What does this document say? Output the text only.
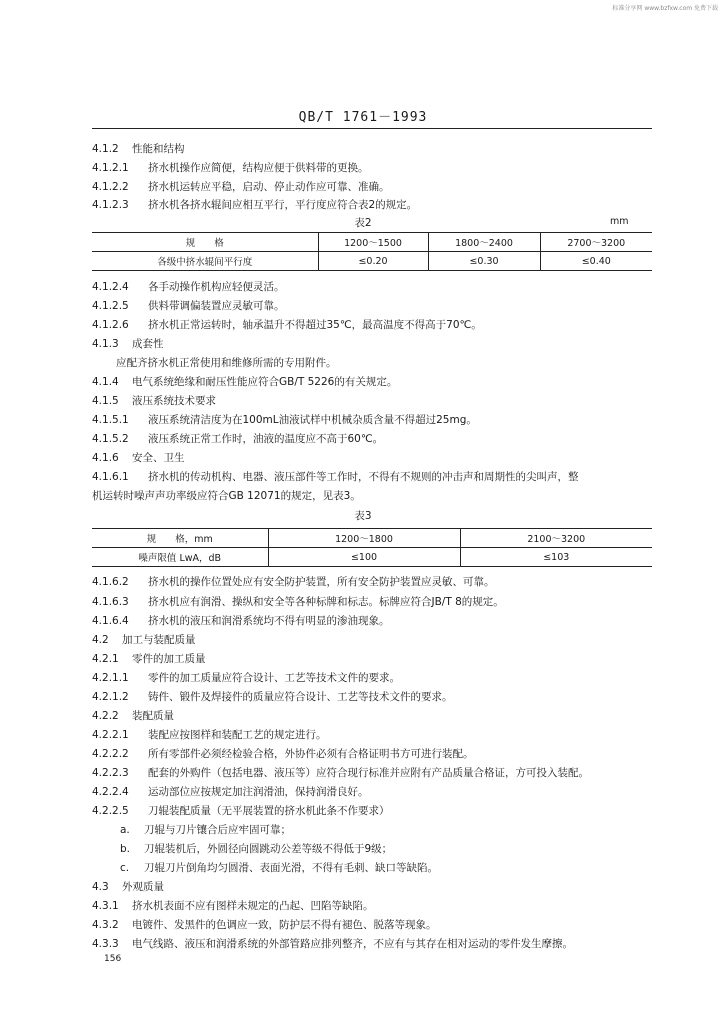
标准分享网 www.bzfxw.com 免费下载
QB/T 1761－1993
4.1.2 性能和结构
4.1.2.1 挤水机操作应简便，结构应便于供料带的更换。
4.1.2.2 挤水机运转应平稳，启动、停止动作应可靠、准确。
4.1.2.3 挤水机各挤水辊间应相互平行，平行度应符合表2的规定。
表2	mm
规　　格	1200～1500	1800～2400	2700～3200
各级中挤水辊间平行度	≤0.20	≤0.30	≤0.40
4.1.2.4 各手动操作机构应轻便灵活。
4.1.2.5 供料带调偏装置应灵敏可靠。
4.1.2.6 挤水机正常运转时，轴承温升不得超过35℃，最高温度不得高于70℃。
4.1.3 成套性
应配齐挤水机正常使用和维修所需的专用附件。
4.1.4 电气系统绝缘和耐压性能应符合GB/T 5226的有关规定。
4.1.5 液压系统技术要求
4.1.5.1 液压系统清洁度为在100mL油液试样中机械杂质含量不得超过25mg。
4.1.5.2 液压系统正常工作时，油液的温度应不高于60℃。
4.1.6 安全、卫生
4.1.6.1 挤水机的传动机构、电器、液压部件等工作时，不得有不规则的冲击声和周期性的尖叫声，整
机运转时噪声声功率级应符合GB 12071的规定，见表3。
表3
规　　格，mm	1200～1800	2100～3200
噪声限值 LwA，dB	≤100	≤103
4.1.6.2 挤水机的操作位置处应有安全防护装置，所有安全防护装置应灵敏、可靠。
4.1.6.3 挤水机应有润滑、操纵和安全等各种标牌和标志。标牌应符合JB/T 8的规定。
4.1.6.4 挤水机的液压和润滑系统均不得有明显的渗油现象。
4.2 加工与装配质量
4.2.1 零件的加工质量
4.2.1.1 零件的加工质量应符合设计、工艺等技术文件的要求。
4.2.1.2 铸件、锻件及焊接件的质量应符合设计、工艺等技术文件的要求。
4.2.2 装配质量
4.2.2.1 装配应按图样和装配工艺的规定进行。
4.2.2.2 所有零部件必须经检验合格，外协件必须有合格证明书方可进行装配。
4.2.2.3 配套的外购件（包括电器、液压等）应符合现行标准并应附有产品质量合格证，方可投入装配。
4.2.2.4 运动部位应按规定加注润滑油，保持润滑良好。
4.2.2.5 刀辊装配质量（无平展装置的挤水机此条不作要求）
a. 刀辊与刀片镶合后应牢固可靠；
b. 刀辊装机后，外圆径向圆跳动公差等级不得低于9级；
c. 刀辊刀片倒角均匀圆滑、表面光滑，不得有毛刺、缺口等缺陷。
4.3 外观质量
4.3.1 挤水机表面不应有图样未规定的凸起、凹陷等缺陷。
4.3.2 电镀件、发黑件的色调应一致，防护层不得有褪色、脱落等现象。
4.3.3 电气线路、液压和润滑系统的外部管路应排列整齐，不应有与其存在相对运动的零件发生摩擦。
156
